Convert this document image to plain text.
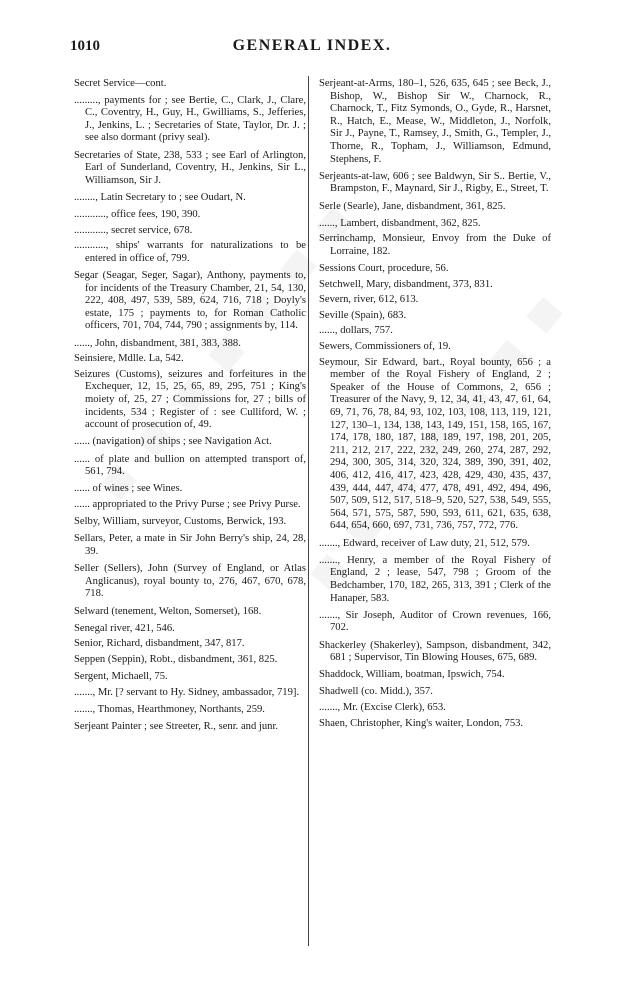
1010	GENERAL INDEX.

Secret Service—cont.

........., payments for ; see Bertie, C., Clark, J., Clare, C., Coventry, H., Guy, H., Gwilliams, S., Jefferies, J., Jenkins, L. ; Secretaries of State, Taylor, Dr. J. ; see also dormant (privy seal).

Secretaries of State, 238, 533 ; see Earl of Arlington, Earl of Sunderland, Coventry, H., Jenkins, Sir L., Williamson, Sir J.

........, Latin Secretary to ; see Oudart, N.

............, office fees, 190, 390.

............, secret service, 678.

............, ships' warrants for naturalizations to be entered in office of, 799.

Segar (Seagar, Seger, Sagar), Anthony, payments to, for incidents of the Treasury Chamber, 21, 54, 130, 222, 408, 497, 539, 589, 624, 716, 718 ; Doyly's estate, 175 ; payments to, for Roman Catholic officers, 701, 704, 744, 790 ; assignments by, 114.

......, John, disbandment, 381, 383, 388.

Seinsiere, Mdlle. La, 542.

Seizures (Customs), seizures and forfeitures in the Exchequer, 12, 15, 25, 65, 89, 295, 751 ; King's moiety of, 25, 27 ; Commissions for, 27 ; bills of incidents, 534 ; Register of : see Culliford, W. ; account of prosecution of, 49.

...... (navigation) of ships ; see Navigation Act.

...... of plate and bullion on attempted transport of, 561, 794.

...... of wines ; see Wines.

...... appropriated to the Privy Purse ; see Privy Purse.

Selby, William, surveyor, Customs, Berwick, 193.

Sellars, Peter, a mate in Sir John Berry's ship, 24, 28, 39.

Seller (Sellers), John (Survey of England, or Atlas Anglicanus), royal bounty to, 276, 467, 670, 678, 718.

Selward (tenement, Welton, Somerset), 168.

Senegal river, 421, 546.

Senior, Richard, disbandment, 347, 817.

Seppen (Seppin), Robt., disbandment, 361, 825.

Sergent, Michaell, 75.

......., Mr. [? servant to Hy. Sidney, ambassador, 719].

......., Thomas, Hearthmoney, Northants, 259.

Serjeant Painter ; see Streeter, R., senr. and junr.

Serjeant-at-Arms, 180–1, 526, 635, 645 ; see Beck, J., Bishop, W., Bishop Sir W., Charnock, R., Charnock, T., Fitz Symonds, O., Gyde, R., Harsnet, R., Hatch, E., Mease, W., Middleton, J., Norfolk, Sir J., Payne, T., Ramsey, J., Smith, G., Templer, J., Thorne, R., Topham, J., Williamson, Edmund, Stephens, F.

Serjeants-at-law, 606 ; see Baldwyn, Sir S.. Bertie, V., Brampston, F., Maynard, Sir J., Rigby, E., Street, T.

Serle (Searle), Jane, disbandment, 361, 825.

......, Lambert, disbandment, 362, 825.

Serrinchamp, Monsieur, Envoy from the Duke of Lorraine, 182.

Sessions Court, procedure, 56.

Setchwell, Mary, disbandment, 373, 831.

Severn, river, 612, 613.

Seville (Spain), 683.

......, dollars, 757.

Sewers, Commissioners of, 19.

Seymour, Sir Edward, bart., Royal bounty, 656 ; a member of the Royal Fishery of England, 2 ; Speaker of the House of Commons, 2, 656 ; Treasurer of the Navy, 9, 12, 34, 41, 43, 47, 61, 64, 69, 71, 76, 78, 84, 93, 102, 103, 108, 113, 119, 121, 127, 130–1, 134, 138, 143, 149, 151, 158, 165, 167, 174, 178, 180, 187, 188, 189, 197, 198, 201, 205, 211, 212, 217, 222, 232, 249, 260, 274, 287, 292, 294, 300, 305, 314, 320, 324, 389, 390, 391, 402, 406, 412, 416, 417, 423, 428, 429, 430, 435, 437, 439, 444, 447, 474, 477, 478, 491, 492, 494, 496, 507, 509, 512, 517, 518–9, 520, 527, 538, 549, 555, 564, 571, 575, 587, 590, 593, 611, 621, 635, 638, 644, 654, 660, 697, 731, 736, 757, 772, 776.

......., Edward, receiver of Law duty, 21, 512, 579.

......., Henry, a member of the Royal Fishery of England, 2 ; lease, 547, 798 ; Groom of the Bedchamber, 170, 182, 265, 313, 391 ; Clerk of the Hanaper, 583.

......., Sir Joseph, Auditor of Crown revenues, 166, 702.

Shackerley (Shakerley), Sampson, disbandment, 342, 681 ; Supervisor, Tin Blowing Houses, 675, 689.

Shaddock, William, boatman, Ipswich, 754.

Shadwell (co. Midd.), 357.

......., Mr. (Excise Clerk), 653.

Shaen, Christopher, King's waiter, London, 753.
